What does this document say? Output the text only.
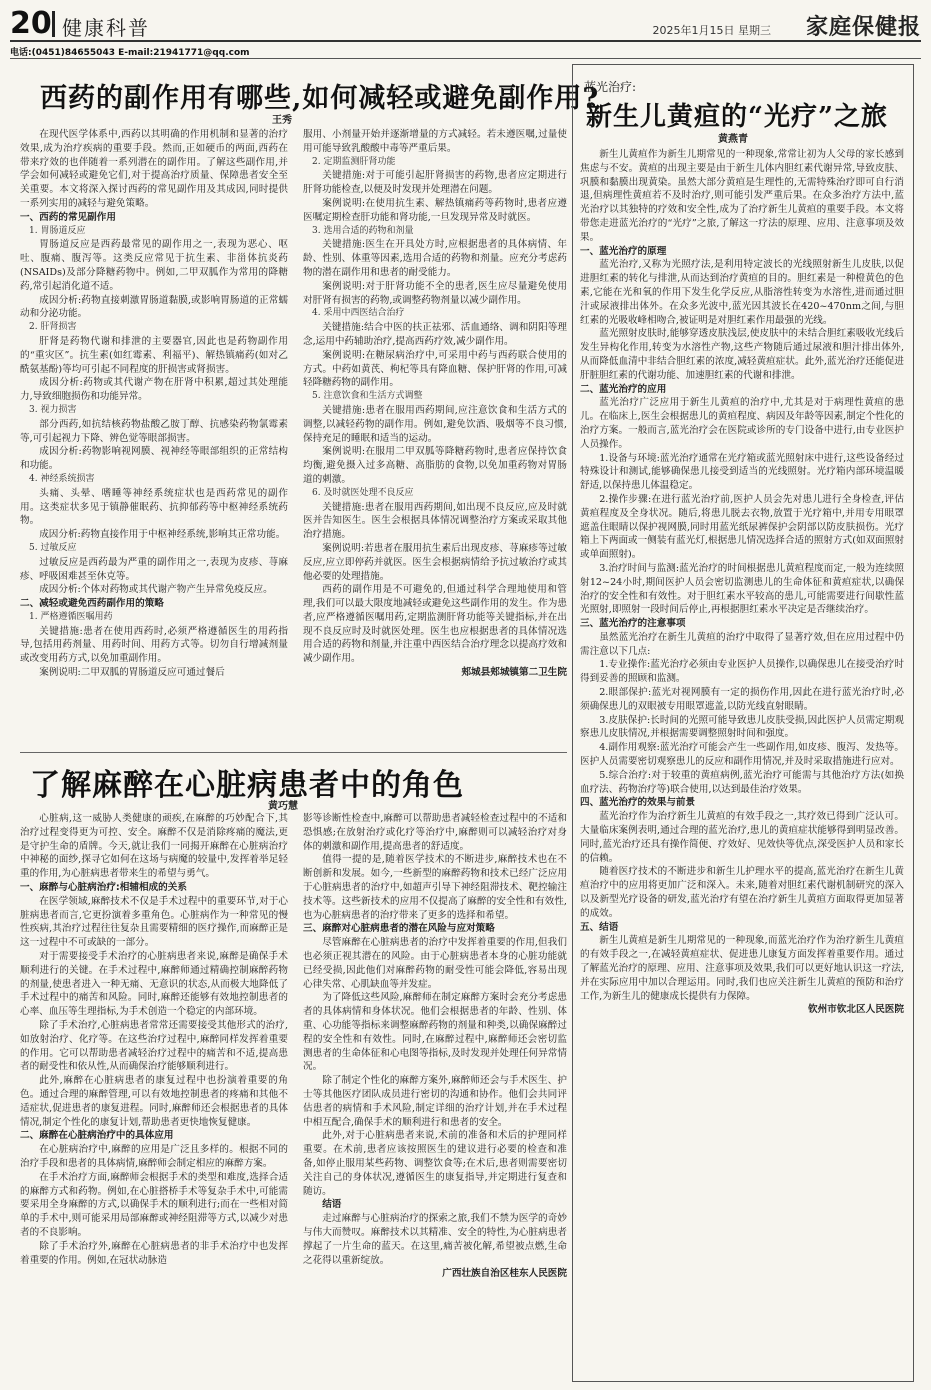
20 健康科普	2025年1月15日 星期三 家庭保健报
电话:(0451)84655043 E-mail:21941771@qq.com
西药的副作用有哪些,如何减轻或避免副作用?
王秀

在现代医学体系中,西药以其明确的作用机制和显著的治疗效果,成为治疗疾病的重要手段。然而,正如硬币的两面,西药在带来疗效的也伴随着一系列潜在的副作用。了解这些副作用,并学会如何减轻或避免它们,对于提高治疗质量、保障患者安全至关重要。本文将深入探讨西药的常见副作用及其成因,同时提供一系列实用的减轻与避免策略。

一、西药的常见副作用
1. 胃肠道反应

胃肠道反应是西药最常见的副作用之一,表现为恶心、呕吐、腹痛、腹泻等。这类反应常见于抗生素、非甾体抗炎药(NSAIDs)及部分降糖药物中。例如,二甲双胍作为常用的降糖药,常引起消化道不适。

成因分析:药物直接刺激胃肠道黏膜,或影响胃肠道的正常蠕动和分泌功能。

2. 肝肾损害

肝肾是药物代谢和排泄的主要器官,因此也是药物副作用的“重灾区”。抗生素(如红霉素、利福平)、解热镇痛药(如对乙酰氨基酚)等均可引起不同程度的肝损害或肾损害。

成因分析:药物或其代谢产物在肝肾中积累,超过其处理能力,导致细胞损伤和功能异常。

3. 视力损害

部分西药,如抗结核药物盐酸乙胺丁醇、抗感染药物氯霉素等,可引起视力下降、辨色觉等眼部损害。

成因分析:药物影响视网膜、视神经等眼部组织的正常结构和功能。

4. 神经系统损害

头痛、头晕、嗜睡等神经系统症状也是西药常见的副作用。这类症状多见于镇静催眠药、抗抑郁药等中枢神经系统药物。

成因分析:药物直接作用于中枢神经系统,影响其正常功能。

5. 过敏反应

过敏反应是西药最为严重的副作用之一,表现为皮疹、荨麻疹、呼吸困难甚至休克等。

成因分析:个体对药物或其代谢产物产生异常免疫反应。

二、减轻或避免西药副作用的策略
1. 严格遵循医嘱用药

关键措施:患者在使用西药时,必须严格遵循医生的用药指导,包括用药剂量、用药时间、用药方式等。切勿自行增减剂量或改变用药方式,以免加重副作用。

案例说明:二甲双胍的胃肠道反应可通过餐后

服用、小剂量开始并逐渐增量的方式减轻。若未遵医嘱,过量使用可能导致乳酸酸中毒等严重后果。

2. 定期监测肝肾功能

关键措施:对于可能引起肝肾损害的药物,患者应定期进行肝肾功能检查,以便及时发现并处理潜在问题。

案例说明:在使用抗生素、解热镇痛药等药物时,患者应遵医嘱定期检查肝功能和肾功能,一旦发现异常及时就医。

3. 选用合适的药物和剂量

关键措施:医生在开具处方时,应根据患者的具体病情、年龄、性别、体重等因素,选用合适的药物和剂量。应充分考虑药物的潜在副作用和患者的耐受能力。

案例说明:对于肝肾功能不全的患者,医生应尽量避免使用对肝肾有损害的药物,或调整药物剂量以减少副作用。

4. 采用中西医结合治疗

关键措施:结合中医的扶正祛邪、活血通络、调和阴阳等理念,运用中药辅助治疗,提高西药疗效,减少副作用。

案例说明:在糖尿病治疗中,可采用中药与西药联合使用的方式。中药如黄芪、枸杞等具有降血糖、保护肝肾的作用,可减轻降糖药物的副作用。

5. 注意饮食和生活方式调整

关键措施:患者在服用西药期间,应注意饮食和生活方式的调整,以减轻药物的副作用。例如,避免饮酒、吸烟等不良习惯,保持充足的睡眠和适当的运动。

案例说明:在服用二甲双胍等降糖药物时,患者应保持饮食均衡,避免摄入过多高糖、高脂肪的食物,以免加重药物对胃肠道的刺激。

6. 及时就医处理不良反应

关键措施:患者在服用西药期间,如出现不良反应,应及时就医并告知医生。医生会根据具体情况调整治疗方案或采取其他治疗措施。

案例说明:若患者在服用抗生素后出现皮疹、荨麻疹等过敏反应,应立即停药并就医。医生会根据病情给予抗过敏治疗或其他必要的处理措施。

西药的副作用是不可避免的,但通过科学合理地使用和管理,我们可以最大限度地减轻或避免这些副作用的发生。作为患者,应严格遵循医嘱用药,定期监测肝肾功能等关键指标,并在出现不良反应时及时就医处理。医生也应根据患者的具体情况选用合适的药物和剂量,并注重中西医结合治疗理念以提高疗效和减少副作用。

郏城县郏城镇第二卫生院

了解麻醉在心脏病患者中的角色
黄巧慧

心脏病,这一威胁人类健康的顽疾,在麻醉的巧妙配合下,其治疗过程变得更为可控、安全。麻醉不仅是消除疼痛的魔法,更是守护生命的盾牌。今天,就让我们一同揭开麻醉在心脏病治疗中神秘的面纱,探寻它如何在这场与病魔的较量中,发挥着举足轻重的作用,为心脏病患者带来生的希望与勇气。

一、麻醉与心脏病治疗:相辅相成的关系

在医学领域,麻醉技术不仅是手术过程中的重要环节,对于心脏病患者而言,它更扮演着多重角色。心脏病作为一种常见的慢性疾病,其治疗过程往往复杂且需要精细的医疗操作,而麻醉正是这一过程中不可或缺的一部分。

对于需要接受手术治疗的心脏病患者来说,麻醉是确保手术顺利进行的关键。在手术过程中,麻醉师通过精确控制麻醉药物的剂量,使患者进入一种无痛、无意识的状态,从而极大地降低了手术过程中的痛苦和风险。同时,麻醉还能够有效地控制患者的心率、血压等生理指标,为手术创造一个稳定的内部环境。

除了手术治疗,心脏病患者常常还需要接受其他形式的治疗,如放射治疗、化疗等。在这些治疗过程中,麻醉同样发挥着重要的作用。它可以帮助患者减轻治疗过程中的痛苦和不适,提高患者的耐受性和依从性,从而确保治疗能够顺利进行。

此外,麻醉在心脏病患者的康复过程中也扮演着重要的角色。通过合理的麻醉管理,可以有效地控制患者的疼痛和其他不适症状,促进患者的康复进程。同时,麻醉师还会根据患者的具体情况,制定个性化的康复计划,帮助患者更快地恢复健康。

二、麻醉在心脏病治疗中的具体应用

在心脏病治疗中,麻醉的应用是广泛且多样的。根据不同的治疗手段和患者的具体病情,麻醉师会制定相应的麻醉方案。

在手术治疗方面,麻醉师会根据手术的类型和难度,选择合适的麻醉方式和药物。例如,在心脏搭桥手术等复杂手术中,可能需要采用全身麻醉的方式,以确保手术的顺利进行;而在一些相对简单的手术中,则可能采用局部麻醉或神经阻滞等方式,以减少对患者的不良影响。

除了手术治疗外,麻醉在心脏病患者的非手术治疗中也发挥着重要的作用。例如,在冠状动脉造

影等诊断性检查中,麻醉可以帮助患者减轻检查过程中的不适和恐惧感;在放射治疗或化疗等治疗中,麻醉则可以减轻治疗对身体的刺激和副作用,提高患者的舒适度。

值得一提的是,随着医学技术的不断进步,麻醉技术也在不断创新和发展。如今,一些新型的麻醉药物和技术已经广泛应用于心脏病患者的治疗中,如超声引导下神经阻滞技术、靶控输注技术等。这些新技术的应用不仅提高了麻醉的安全性和有效性,也为心脏病患者的治疗带来了更多的选择和希望。

三、麻醉对心脏病患者的潜在风险与应对策略

尽管麻醉在心脏病患者的治疗中发挥着重要的作用,但我们也必须正视其潜在的风险。由于心脏病患者本身的心脏功能就已经受损,因此他们对麻醉药物的耐受性可能会降低,容易出现心律失常、心肌缺血等并发症。

为了降低这些风险,麻醉师在制定麻醉方案时会充分考虑患者的具体病情和身体状况。他们会根据患者的年龄、性别、体重、心功能等指标来调整麻醉药物的剂量和种类,以确保麻醉过程的安全性和有效性。同时,在麻醉过程中,麻醉师还会密切监测患者的生命体征和心电图等指标,及时发现并处理任何异常情况。

除了制定个性化的麻醉方案外,麻醉师还会与手术医生、护士等其他医疗团队成员进行密切的沟通和协作。他们会共同评估患者的病情和手术风险,制定详细的治疗计划,并在手术过程中相互配合,确保手术的顺利进行和患者的安全。

此外,对于心脏病患者来说,术前的准备和术后的护理同样重要。在术前,患者应该按照医生的建议进行必要的检查和准备,如停止服用某些药物、调整饮食等;在术后,患者则需要密切关注自己的身体状况,遵循医生的康复指导,并定期进行复查和随访。

结语

走过麻醉与心脏病治疗的探索之旅,我们不禁为医学的奇妙与伟大而赞叹。麻醉技术以其精准、安全的特性,为心脏病患者撑起了一片生命的蓝天。在这里,痛苦被化解,希望被点燃,生命之花得以重新绽放。

广西壮族自治区桂东人民医院

蓝光治疗:
新生儿黄疸的“光疗”之旅
黄燕青

新生儿黄疸作为新生儿期常见的一种现象,常常让初为人父母的家长感到焦虑与不安。黄疸的出现主要是由于新生儿体内胆红素代谢异常,导致皮肤、巩膜和黏膜出现黄染。虽然大部分黄疸是生理性的,无需特殊治疗即可自行消退,但病理性黄疸若不及时治疗,则可能引发严重后果。在众多治疗方法中,蓝光治疗以其独特的疗效和安全性,成为了治疗新生儿黄疸的重要手段。本文将带您走进蓝光治疗的“光疗”之旅,了解这一疗法的原理、应用、注意事项及效果。

一、蓝光治疗的原理

蓝光治疗,又称为光照疗法,是利用特定波长的光线照射新生儿皮肤,以促进胆红素的转化与排泄,从而达到治疗黄疸的目的。胆红素是一种橙黄色的色素,它能在光和氧的作用下发生化学反应,从脂溶性转变为水溶性,进而通过胆汁或尿液排出体外。在众多光波中,蓝光因其波长在420~470nm之间,与胆红素的光吸收峰相吻合,被证明是对胆红素作用最强的光线。

蓝光照射皮肤时,能够穿透皮肤浅层,使皮肤中的未结合胆红素吸收光线后发生异构化作用,转变为水溶性产物,这些产物随后通过尿液和胆汁排出体外,从而降低血清中非结合胆红素的浓度,减轻黄疸症状。此外,蓝光治疗还能促进肝脏胆红素的代谢功能、加速胆红素的代谢和排泄。

二、蓝光治疗的应用

蓝光治疗广泛应用于新生儿黄疸的治疗中,尤其是对于病理性黄疸的患儿。在临床上,医生会根据患儿的黄疸程度、病因及年龄等因素,制定个性化的治疗方案。一般而言,蓝光治疗会在医院或诊所的专门设备中进行,由专业医护人员操作。

1.设备与环境:蓝光治疗通常在光疗箱或蓝光照射床中进行,这些设备经过特殊设计和测试,能够确保患儿接受到适当的光线照射。光疗箱内部环境温暖舒适,以保持患儿体温稳定。

2.操作步骤:在进行蓝光治疗前,医护人员会先对患儿进行全身检查,评估黄疸程度及全身状况。随后,将患儿脱去衣物,放置于光疗箱中,并用专用眼罩遮盖住眼睛以保护视网膜,同时用蓝光纸尿裤保护会阴部以防皮肤损伤。光疗箱上下两面或一侧装有蓝光灯,根据患儿情况选择合适的照射方式(如双面照射或单面照射)。

3.治疗时间与监测:蓝光治疗的时间根据患儿黄疸程度而定,一般为连续照射12~24小时,期间医护人员会密切监测患儿的生命体征和黄疸症状,以确保治疗的安全性和有效性。对于胆红素水平较高的患儿,可能需要进行间歇性蓝光照射,即照射一段时间后停止,再根据胆红素水平决定是否继续治疗。

三、蓝光治疗的注意事项

虽然蓝光治疗在新生儿黄疸的治疗中取得了显著疗效,但在应用过程中仍需注意以下几点:

1.专业操作:蓝光治疗必须由专业医护人员操作,以确保患儿在接受治疗时得到妥善的照顾和监测。

2.眼部保护:蓝光对视网膜有一定的损伤作用,因此在进行蓝光治疗时,必须确保患儿的双眼被专用眼罩遮盖,以防光线直射眼睛。

3.皮肤保护:长时间的光照可能导致患儿皮肤受损,因此医护人员需定期观察患儿皮肤情况,并根据需要调整照射时间和强度。

4.副作用观察:蓝光治疗可能会产生一些副作用,如皮疹、腹泻、发热等。医护人员需要密切观察患儿的反应和副作用情况,并及时采取措施进行应对。

5.综合治疗:对于较重的黄疸病例,蓝光治疗可能需与其他治疗方法(如换血疗法、药物治疗等)联合使用,以达到最佳治疗效果。

四、蓝光治疗的效果与前景

蓝光治疗作为治疗新生儿黄疸的有效手段之一,其疗效已得到广泛认可。大量临床案例表明,通过合理的蓝光治疗,患儿的黄疸症状能够得到明显改善。同时,蓝光治疗还具有操作简便、疗效好、见效快等优点,深受医护人员和家长的信赖。

随着医疗技术的不断进步和新生儿护理水平的提高,蓝光治疗在新生儿黄疸治疗中的应用将更加广泛和深入。未来,随着对胆红素代谢机制研究的深入以及新型光疗设备的研发,蓝光治疗有望在治疗新生儿黄疸方面取得更加显著的成效。

五、结语

新生儿黄疸是新生儿期常见的一种现象,而蓝光治疗作为治疗新生儿黄疸的有效手段之一,在减轻黄疸症状、促进患儿康复方面发挥着重要作用。通过了解蓝光治疗的原理、应用、注意事项及效果,我们可以更好地认识这一疗法,并在实际应用中加以合理运用。同时,我们也应关注新生儿黄疸的预防和治疗工作,为新生儿的健康成长提供有力保障。

钦州市钦北区人民医院
